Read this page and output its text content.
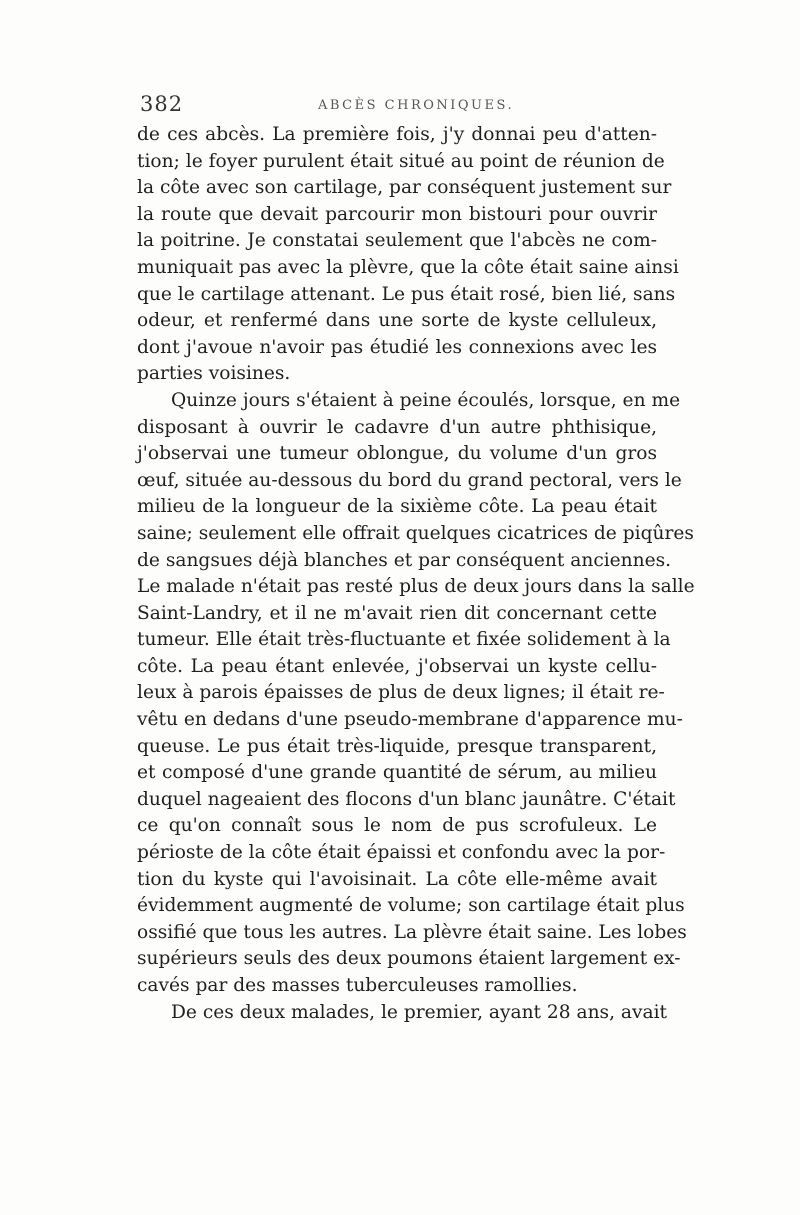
382	ABCÈS CHRONIQUES.
de ces abcès. La première fois, j'y donnai peu d'atten-
tion; le foyer purulent était situé au point de réunion de
la côte avec son cartilage, par conséquent justement sur
la route que devait parcourir mon bistouri pour ouvrir
la poitrine. Je constatai seulement que l'abcès ne com-
muniquait pas avec la plèvre, que la côte était saine ainsi
que le cartilage attenant. Le pus était rosé, bien lié, sans
odeur, et renfermé dans une sorte de kyste celluleux,
dont j'avoue n'avoir pas étudié les connexions avec les
parties voisines.
Quinze jours s'étaient à peine écoulés, lorsque, en me
disposant à ouvrir le cadavre d'un autre phthisique,
j'observai une tumeur oblongue, du volume d'un gros
œuf, située au-dessous du bord du grand pectoral, vers le
milieu de la longueur de la sixième côte. La peau était
saine; seulement elle offrait quelques cicatrices de piqûres
de sangsues déjà blanches et par conséquent anciennes.
Le malade n'était pas resté plus de deux jours dans la salle
Saint-Landry, et il ne m'avait rien dit concernant cette
tumeur. Elle était très-fluctuante et fixée solidement à la
côte. La peau étant enlevée, j'observai un kyste cellu-
leux à parois épaisses de plus de deux lignes; il était re-
vêtu en dedans d'une pseudo-membrane d'apparence mu-
queuse. Le pus était très-liquide, presque transparent,
et composé d'une grande quantité de sérum, au milieu
duquel nageaient des flocons d'un blanc jaunâtre. C'était
ce qu'on connaît sous le nom de pus scrofuleux. Le
périoste de la côte était épaissi et confondu avec la por-
tion du kyste qui l'avoisinait. La côte elle-même avait
évidemment augmenté de volume; son cartilage était plus
ossifié que tous les autres. La plèvre était saine. Les lobes
supérieurs seuls des deux poumons étaient largement ex-
cavés par des masses tuberculeuses ramollies.
De ces deux malades, le premier, ayant 28 ans, avait
